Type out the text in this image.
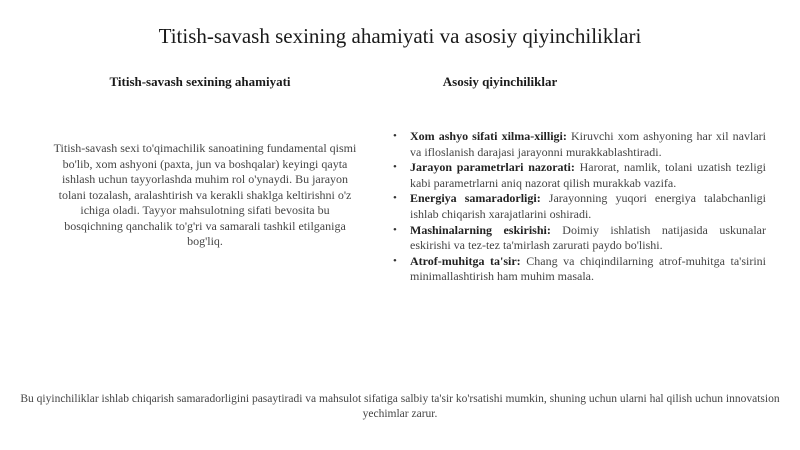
Titish-savash sexining ahamiyati va asosiy qiyinchiliklari
Titish-savash sexining ahamiyati
Titish-savash sexi to'qimachilik sanoatining fundamental qismi bo'lib, xom ashyoni (paxta, jun va boshqalar) keyingi qayta ishlash uchun tayyorlashda muhim rol o'ynaydi. Bu jarayon tolani tozalash, aralashtirish va kerakli shaklga keltirishni o'z ichiga oladi. Tayyor mahsulotning sifati bevosita bu bosqichning qanchalik to'g'ri va samarali tashkil etilganiga bog'liq.
Asosiy qiyinchiliklar
• Xom ashyo sifati xilma-xilligi: Kiruvchi xom ashyoning har xil navlari va ifloslanish darajasi jarayonni murakkablashtiradi.
• Jarayon parametrlari nazorati: Harorat, namlik, tolani uzatish tezligi kabi parametrlarni aniq nazorat qilish murakkab vazifa.
• Energiya samaradorligi: Jarayonning yuqori energiya talabchanligi ishlab chiqarish xarajatlarini oshiradi.
• Mashinalarning eskirishi: Doimiy ishlatish natijasida uskunalar eskirishi va tez-tez ta'mirlash zarurati paydo bo'lishi.
• Atrof-muhitga ta'sir: Chang va chiqindilarning atrof-muhitga ta'sirini minimallashtirish ham muhim masala.
Bu qiyinchiliklar ishlab chiqarish samaradorligini pasaytiradi va mahsulot sifatiga salbiy ta'sir ko'rsatishi mumkin, shuning uchun ularni hal qilish uchun innovatsion yechimlar zarur.
